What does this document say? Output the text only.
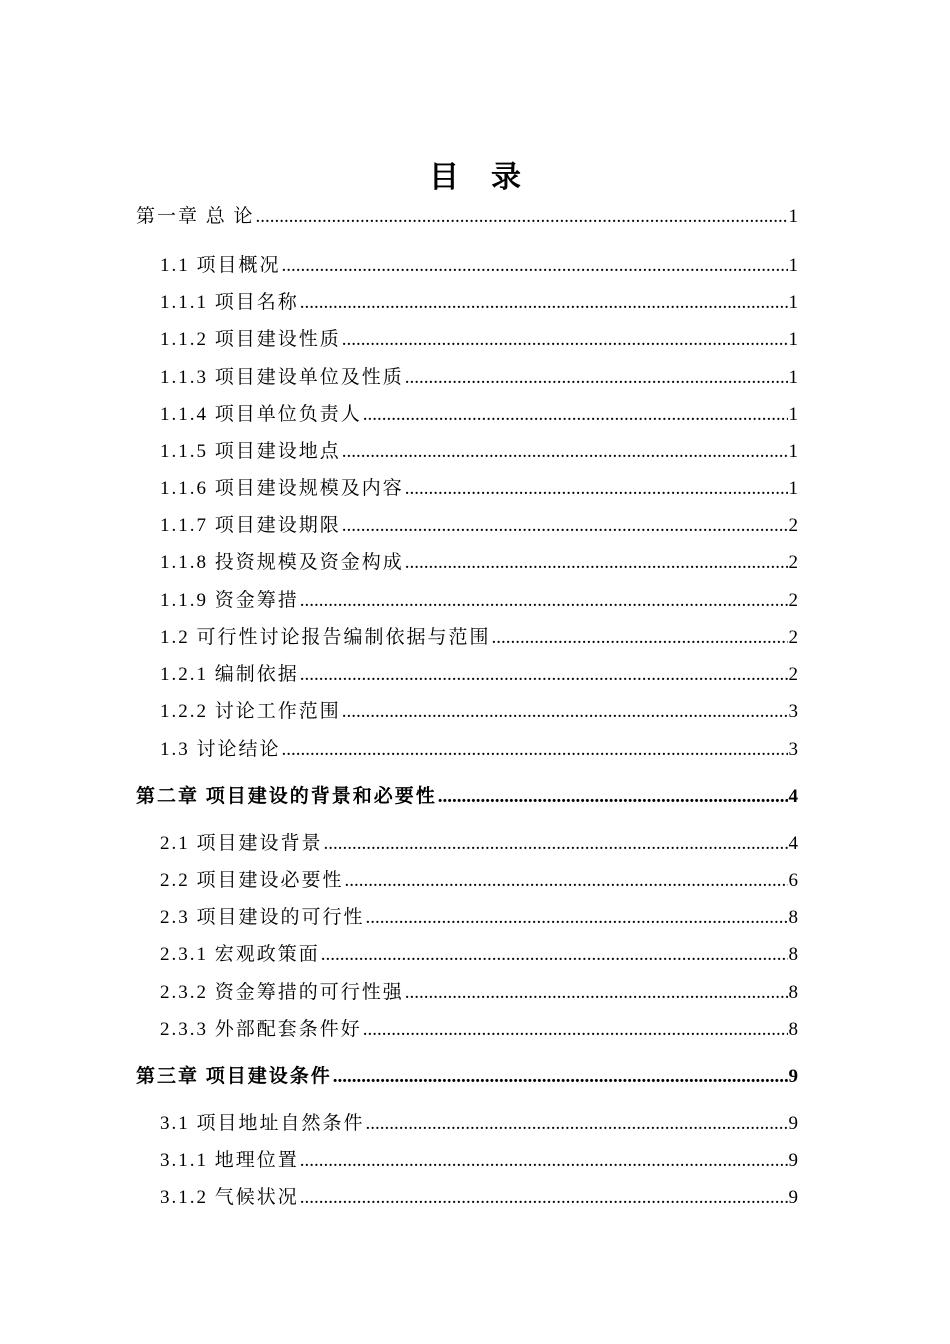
目录
第一章 总 论 .....	1
1.1 项目概况 .....	1
1.1.1 项目名称 .....	1
1.1.2 项目建设性质 .....	1
1.1.3 项目建设单位及性质 .....	1
1.1.4 项目单位负责人 .....	1
1.1.5 项目建设地点 .....	1
1.1.6 项目建设规模及内容 .....	1
1.1.7 项目建设期限 .....	2
1.1.8 投资规模及资金构成 .....	2
1.1.9 资金筹措 .....	2
1.2 可行性讨论报告编制依据与范围 .....	2
1.2.1 编制依据 .....	2
1.2.2 讨论工作范围 .....	3
1.3 讨论结论 .....	3
第二章 项目建设的背景和必要性 .....	4
2.1 项目建设背景 .....	4
2.2 项目建设必要性 .....	6
2.3 项目建设的可行性 .....	8
2.3.1 宏观政策面 .....	8
2.3.2 资金筹措的可行性强 .....	8
2.3.3 外部配套条件好 .....	8
第三章 项目建设条件 .....	9
3.1 项目地址自然条件 .....	9
3.1.1 地理位置 .....	9
3.1.2 气候状况 .....	9
